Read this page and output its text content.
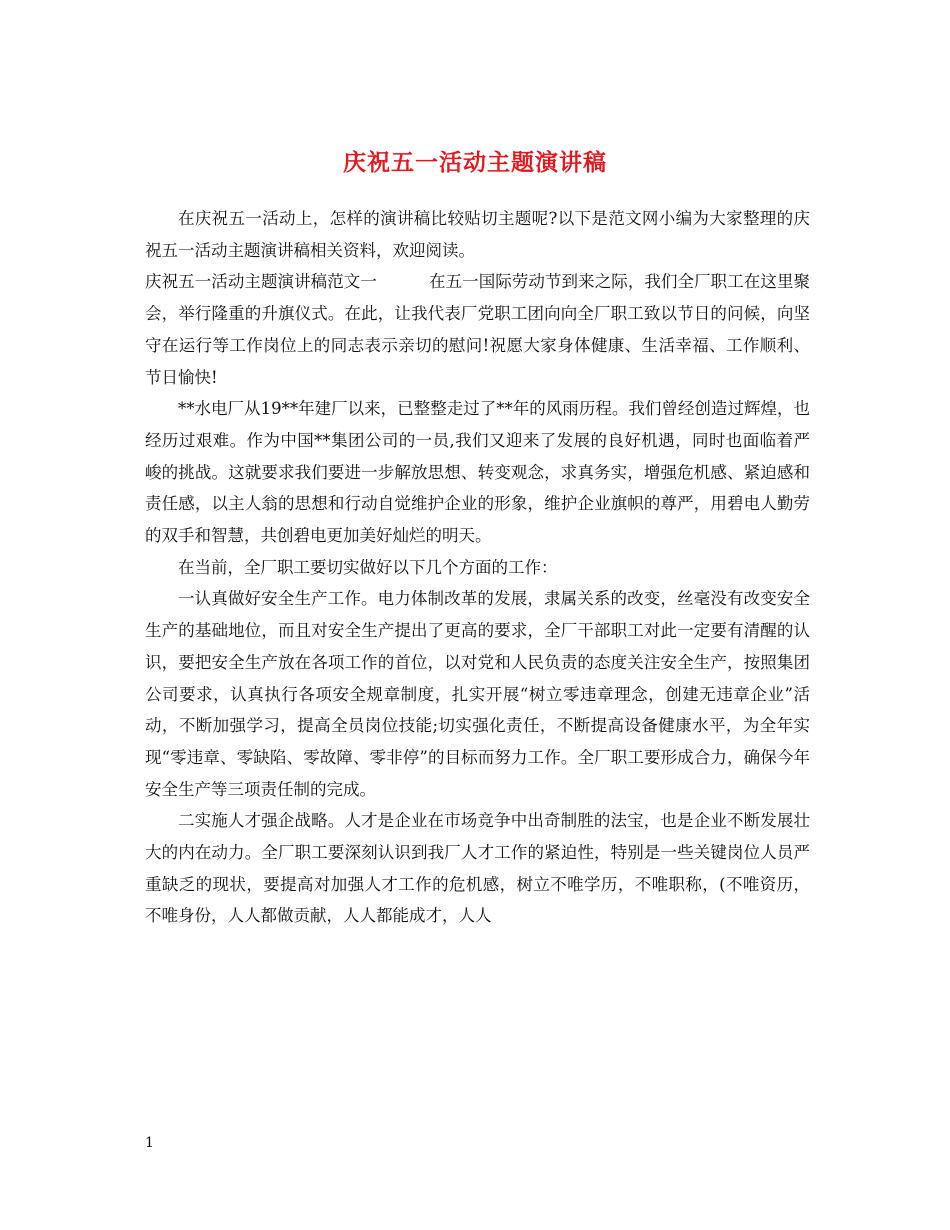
庆祝五一活动主题演讲稿

在庆祝五一活动上，怎样的演讲稿比较贴切主题呢?以下是范文网小编为大家整理的庆祝五一活动主题演讲稿相关资料，欢迎阅读。

庆祝五一活动主题演讲稿范文一	在五一国际劳动节到来之际，我们全厂职工在这里聚会，举行隆重的升旗仪式。在此，让我代表厂党职工团向向全厂职工致以节日的问候，向坚守在运行等工作岗位上的同志表示亲切的慰问!祝愿大家身体健康、生活幸福、工作顺利、节日愉快!

**水电厂从19**年建厂以来，已整整走过了**年的风雨历程。我们曾经创造过辉煌，也经历过艰难。作为中国**集团公司的一员,我们又迎来了发展的良好机遇，同时也面临着严峻的挑战。这就要求我们要进一步解放思想、转变观念，求真务实，增强危机感、紧迫感和责任感，以主人翁的思想和行动自觉维护企业的形象，维护企业旗帜的尊严，用碧电人勤劳的双手和智慧，共创碧电更加美好灿烂的明天。

在当前，全厂职工要切实做好以下几个方面的工作：

一认真做好安全生产工作。电力体制改革的发展，隶属关系的改变，丝毫没有改变安全生产的基础地位，而且对安全生产提出了更高的要求，全厂干部职工对此一定要有清醒的认识，要把安全生产放在各项工作的首位，以对党和人民负责的态度关注安全生产，按照集团公司要求，认真执行各项安全规章制度，扎实开展“树立零违章理念，创建无违章企业”活动，不断加强学习，提高全员岗位技能;切实强化责任，不断提高设备健康水平，为全年实现“零违章、零缺陷、零故障、零非停”的目标而努力工作。全厂职工要形成合力，确保今年安全生产等三项责任制的完成。

二实施人才强企战略。人才是企业在市场竞争中出奇制胜的法宝，也是企业不断发展壮大的内在动力。全厂职工要深刻认识到我厂人才工作的紧迫性，特别是一些关键岗位人员严重缺乏的现状，要提高对加强人才工作的危机感，树立不唯学历，不唯职称，(不唯资历，不唯身份，人人都做贡献，人人都能成才，人人

1
